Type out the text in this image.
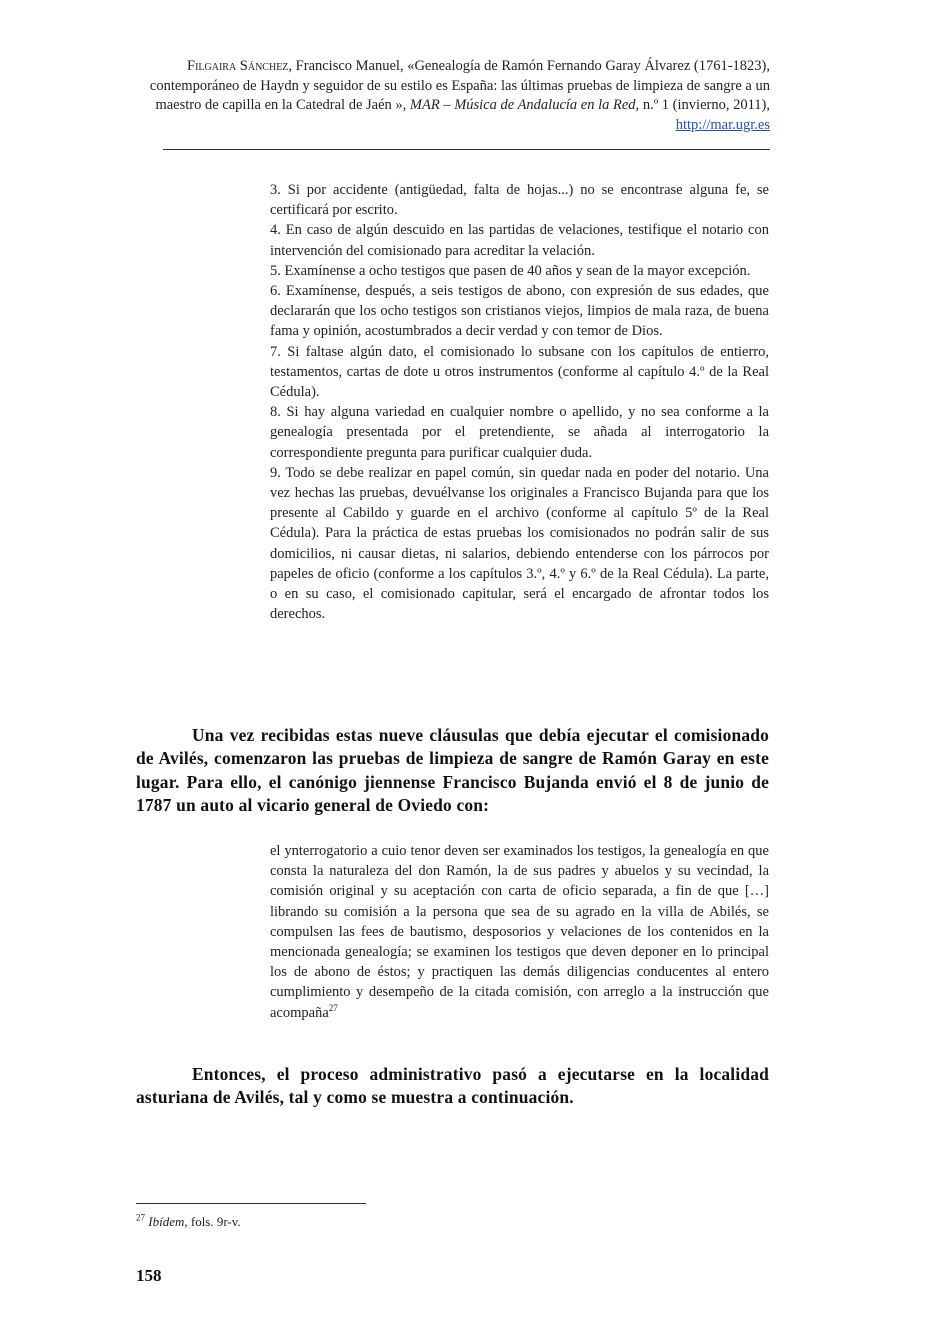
Filgaira Sánchez, Francisco Manuel, «Genealogía de Ramón Fernando Garay Álvarez (1761-1823), contemporáneo de Haydn y seguidor de su estilo es España: las últimas pruebas de limpieza de sangre a un maestro de capilla en la Catedral de Jaén », MAR – Música de Andalucía en la Red, n.º 1 (invierno, 2011), http://mar.ugr.es

3. Si por accidente (antigüedad, falta de hojas...) no se encontrase alguna fe, se certificará por escrito.

4. En caso de algún descuido en las partidas de velaciones, testifique el notario con intervención del comisionado para acreditar la velación.

5. Examínense a ocho testigos que pasen de 40 años y sean de la mayor excepción.

6. Examínense, después, a seis testigos de abono, con expresión de sus edades, que declararán que los ocho testigos son cristianos viejos, limpios de mala raza, de buena fama y opinión, acostumbrados a decir verdad y con temor de Dios.

7. Si faltase algún dato, el comisionado lo subsane con los capítulos de entierro, testamentos, cartas de dote u otros instrumentos (conforme al capítulo 4.º de la Real Cédula).

8. Si hay alguna variedad en cualquier nombre o apellido, y no sea conforme a la genealogía presentada por el pretendiente, se añada al interrogatorio la correspondiente pregunta para purificar cualquier duda.

9. Todo se debe realizar en papel común, sin quedar nada en poder del notario. Una vez hechas las pruebas, devuélvanse los originales a Francisco Bujanda para que los presente al Cabildo y guarde en el archivo (conforme al capítulo 5º de la Real Cédula). Para la práctica de estas pruebas los comisionados no podrán salir de sus domicilios, ni causar dietas, ni salarios, debiendo entenderse con los párrocos por papeles de oficio (conforme a los capítulos 3.º, 4.º y 6.º de la Real Cédula). La parte, o en su caso, el comisionado capitular, será el encargado de afrontar todos los derechos.

Una vez recibidas estas nueve cláusulas que debía ejecutar el comisionado de Avilés, comenzaron las pruebas de limpieza de sangre de Ramón Garay en este lugar. Para ello, el canónigo jiennense Francisco Bujanda envió el 8 de junio de 1787 un auto al vicario general de Oviedo con:

el ynterrogatorio a cuio tenor deven ser examinados los testigos, la genealogía en que consta la naturaleza del don Ramón, la de sus padres y abuelos y su vecindad, la comisión original y su aceptación con carta de oficio separada, a fin de que […] librando su comisión a la persona que sea de su agrado en la villa de Abilés, se compulsen las fees de bautismo, desposorios y velaciones de los contenidos en la mencionada genealogía; se examinen los testigos que deven deponer en lo principal los de abono de éstos; y practiquen las demás diligencias conducentes al entero cumplimiento y desempeño de la citada comisión, con arreglo a la instrucción que acompaña$^{27}$

Entonces, el proceso administrativo pasó a ejecutarse en la localidad asturiana de Avilés, tal y como se muestra a continuación.
$^{27}$ Ibídem, fols. 9r-v.
158
